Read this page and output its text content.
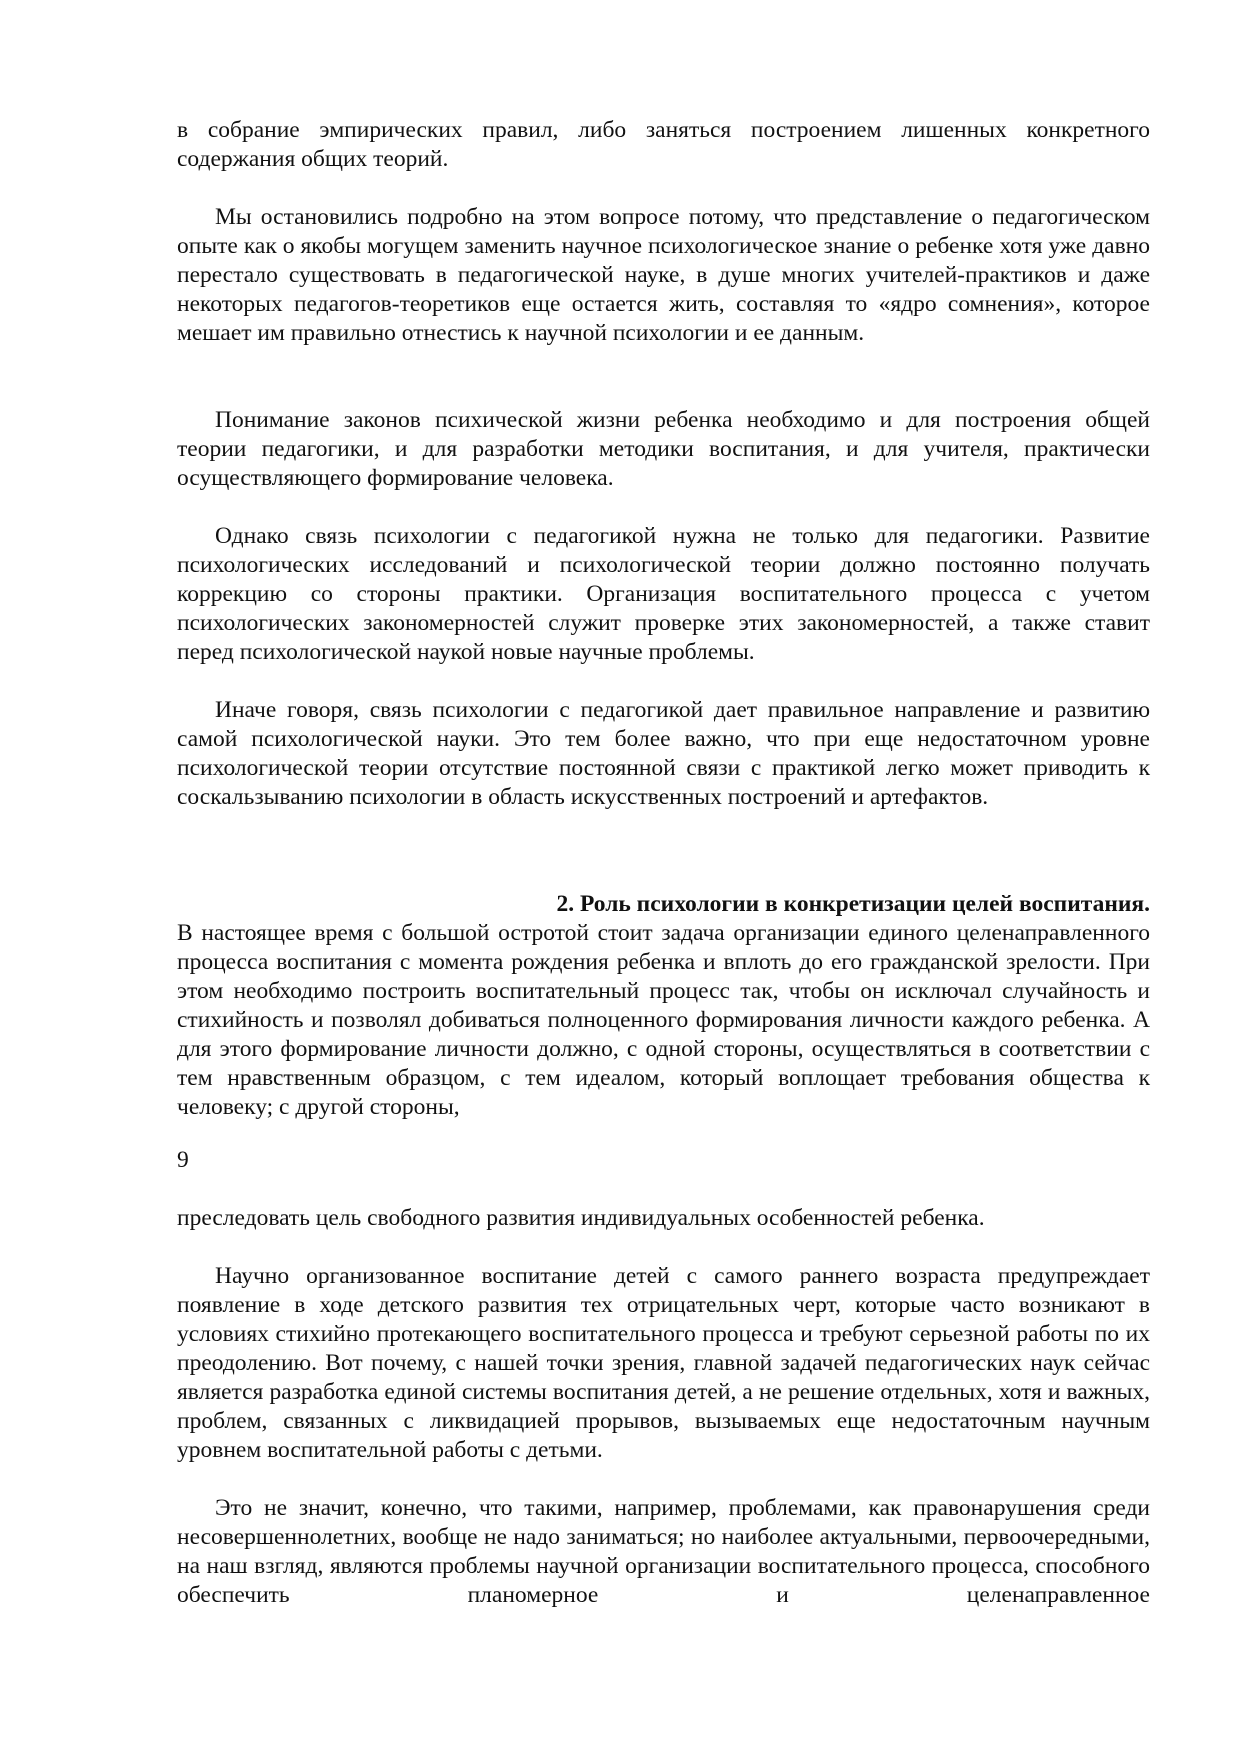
в собрание эмпирических правил, либо заняться построением лишенных конкретного содержания общих теорий.

Мы остановились подробно на этом вопросе потому, что представление о педагогическом опыте как о якобы могущем заменить научное психологическое знание о ребенке хотя уже давно перестало существовать в педагогической науке, в душе многих учителей-практиков и даже некоторых педагогов-теоретиков еще остается жить, составляя то «ядро сомнения», которое мешает им правильно отнестись к научной психологии и ее данным.

Понимание законов психической жизни ребенка необходимо и для построения общей теории педагогики, и для разработки методики воспитания, и для учителя, практически осуществляющего формирование человека.

Однако связь психологии с педагогикой нужна не только для педагогики. Развитие психологических исследований и психологической теории должно постоянно получать коррекцию со стороны практики. Организация воспитательного процесса с учетом психологических закономерностей служит проверке этих закономерностей, а также ставит перед психологической наукой новые научные проблемы.

Иначе говоря, связь психологии с педагогикой дает правильное направление и развитию самой психологической науки. Это тем более важно, что при еще недостаточном уровне психологической теории отсутствие постоянной связи с практикой легко может приводить к соскальзыванию психологии в область искусственных построений и артефактов.

2. Роль психологии в конкретизации целей воспитания.

В настоящее время с большой остротой стоит задача организации единого целенаправленного процесса воспитания с момента рождения ребенка и вплоть до его гражданской зрелости. При этом необходимо построить воспитательный процесс так, чтобы он исключал случайность и стихийность и позволял добиваться полноценного формирования личности каждого ребенка. А для этого формирование личности должно, с одной стороны, осуществляться в соответствии с тем нравственным образцом, с тем идеалом, который воплощает требования общества к человеку; с другой стороны,

9

преследовать цель свободного развития индивидуальных особенностей ребенка.

Научно организованное воспитание детей с самого раннего возраста предупреждает появление в ходе детского развития тех отрицательных черт, которые часто возникают в условиях стихийно протекающего воспитательного процесса и требуют серьезной работы по их преодолению. Вот почему, с нашей точки зрения, главной задачей педагогических наук сейчас является разработка единой системы воспитания детей, а не решение отдельных, хотя и важных, проблем, связанных с ликвидацией прорывов, вызываемых еще недостаточным научным уровнем воспитательной работы с детьми.

Это не значит, конечно, что такими, например, проблемами, как правонарушения среди несовершеннолетних, вообще не надо заниматься; но наиболее актуальными, первоочередными, на наш взгляд, являются проблемы научной организации воспитательного процесса, способного обеспечить планомерное и целенаправленное
